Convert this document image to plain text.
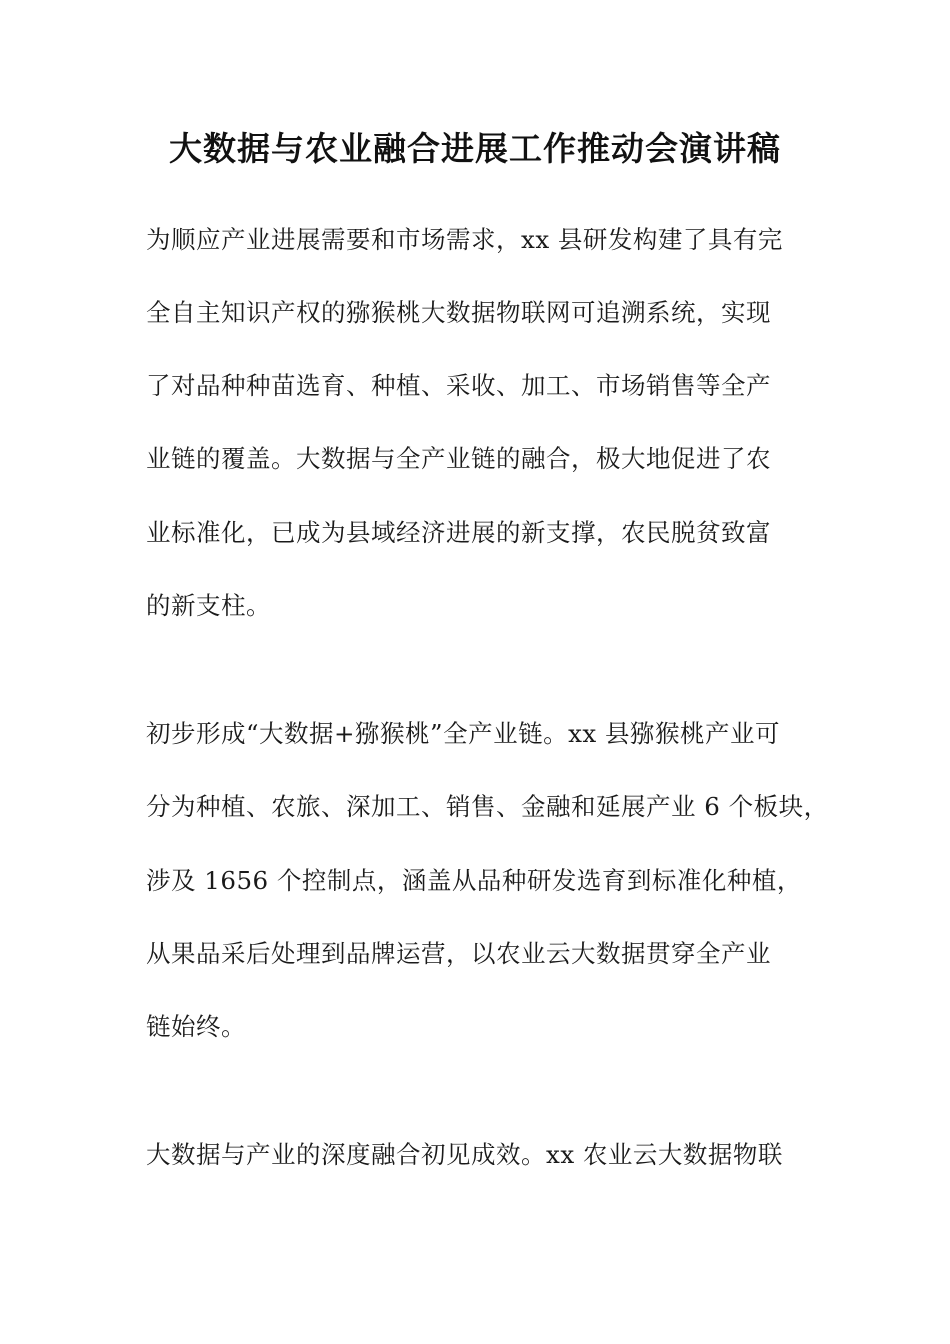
大数据与农业融合进展工作推动会演讲稿
为顺应产业进展需要和市场需求，xx 县研发构建了具有完
全自主知识产权的猕猴桃大数据物联网可追溯系统，实现
了对品种种苗选育、种植、采收、加工、市场销售等全产
业链的覆盖。大数据与全产业链的融合，极大地促进了农
业标准化，已成为县域经济进展的新支撑，农民脱贫致富
的新支柱。
初步形成“大数据+猕猴桃”全产业链。xx 县猕猴桃产业可
分为种植、农旅、深加工、销售、金融和延展产业 6 个板块，
涉及 1656 个控制点，涵盖从品种研发选育到标准化种植，
从果品采后处理到品牌运营，以农业云大数据贯穿全产业
链始终。
大数据与产业的深度融合初见成效。xx 农业云大数据物联
